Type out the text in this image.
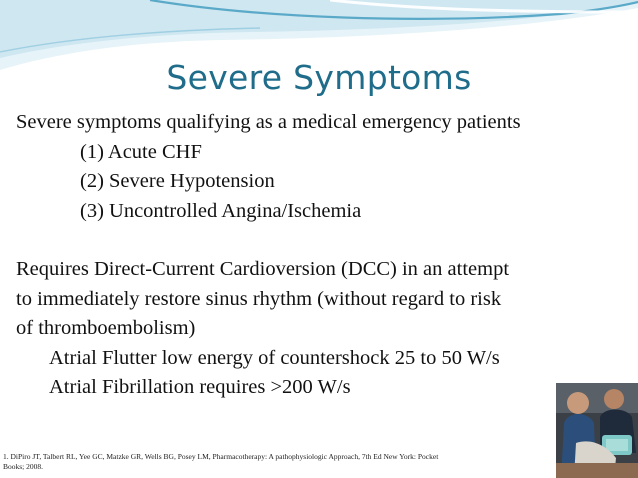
Severe Symptoms
Severe symptoms qualifying as a medical emergency patients
(1) Acute CHF
(2) Severe Hypotension
(3) Uncontrolled Angina/Ischemia
Requires Direct-Current Cardioversion (DCC) in an attempt
to immediately restore sinus rhythm (without regard to risk
of thromboembolism)
Atrial Flutter low energy of countershock 25 to 50 W/s
Atrial Fibrillation requires >200 W/s
1. DiPiro JT, Talbert RL, Yee GC, Matzke GR, Wells BG, Posey LM, Pharmacotherapy: A pathophysiologic Approach, 7th Ed New York: Pocket
Books; 2008.
